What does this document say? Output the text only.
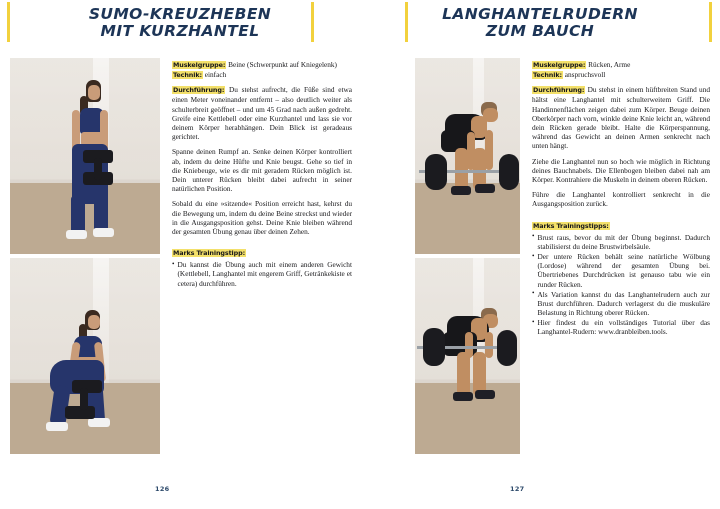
SUMO-KREUZHEBEN
MIT KURZHANTEL

Muskelgruppe: Beine (Schwerpunkt auf Kniegelenk)
Technik: einfach

Durchführung: Du stehst aufrecht, die Füße sind etwa einen Meter voneinander entfernt – also deutlich weiter als schulterbreit geöffnet – und um 45 Grad nach außen gedreht. Greife eine Kettlebell oder eine Kurzhantel und lass sie vor deinem Körper herabhängen. Dein Blick ist geradeaus gerichtet.

Spanne deinen Rumpf an. Senke deinen Körper kontrolliert ab, indem du deine Hüfte und Knie beugst. Gehe so tief in die Kniebeuge, wie es dir mit geradem Rücken möglich ist. Dein unterer Rücken bleibt dabei aufrecht in seiner natürlichen Position.

Sobald du eine »sitzende« Position erreicht hast, kehrst du die Bewegung um, indem du deine Beine streckst und wieder in die Ausgangsposition gehst. Deine Knie bleiben während der gesamten Übung genau über deinen Zehen.

Marks Trainingstipp:
• Du kannst die Übung auch mit einem anderen Gewicht (Kettlebell, Langhantel mit engerem Griff, Getränkekiste et cetera) durchführen.
126
LANGHANTELRUDERN
ZUM BAUCH

Muskelgruppe: Rücken, Arme
Technik: anspruchsvoll

Durchführung: Du stehst in einem hüftbreiten Stand und hältst eine Langhantel mit schulterweitem Griff. Die Handinnenflächen zeigen dabei zum Körper. Beuge deinen Oberkörper nach vorn, winkle deine Knie leicht an, während dein Rücken gerade bleibt. Halte die Körperspannung, während das Gewicht an deinen Armen senkrecht nach unten hängt.

Ziehe die Langhantel nun so hoch wie möglich in Richtung deines Bauchnabels. Die Ellenbogen bleiben dabei nah am Körper. Kontrahiere die Muskeln in deinem oberen Rücken.

Führe die Langhantel kontrolliert senkrecht in die Ausgangsposition zurück.

Marks Trainingstipps:
• Brust raus, bevor du mit der Übung beginnst. Dadurch stabilisierst du deine Brustwirbelsäule.
• Der untere Rücken behält seine natürliche Wölbung (Lordose) während der gesamten Übung bei. Übertriebenes Durchdrücken ist genauso tabu wie ein runder Rücken.
• Als Variation kannst du das Langhantelrudern auch zur Brust durchführen. Dadurch verlagerst du die muskuläre Belastung in Richtung oberer Rücken.
• Hier findest du ein vollständiges Tutorial über das Langhantel-Rudern: www.dranbleiben.tools.
127
